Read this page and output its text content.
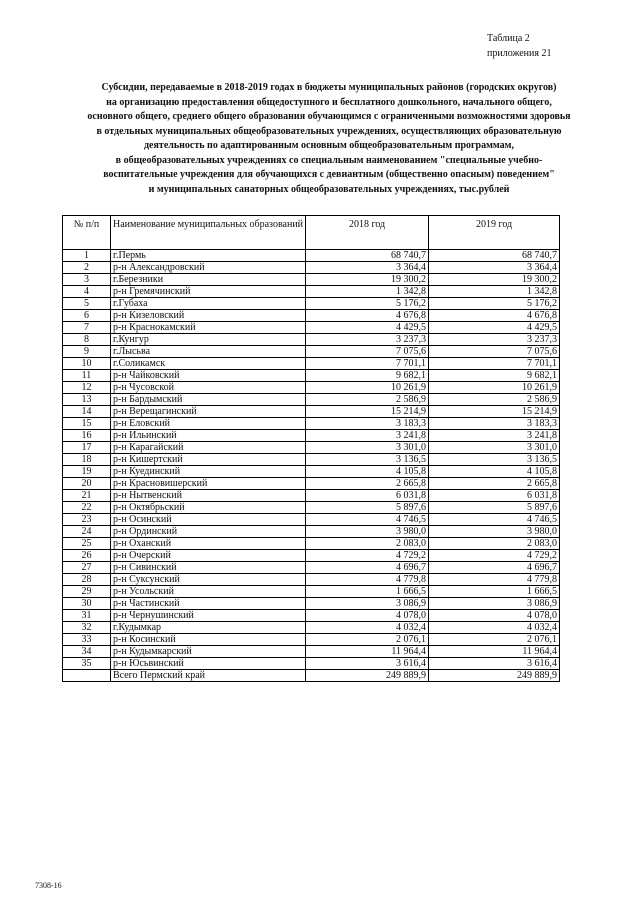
Таблица 2
приложения 21
Субсидии, передаваемые в 2018-2019 годах в бюджеты муниципальных районов (городских округов)
на организацию предоставления общедоступного и бесплатного дошкольного, начального общего,
основного общего, среднего общего образования обучающимся с ограниченными возможностями здоровья
в отдельных муниципальных общеобразовательных учреждениях, осуществляющих образовательную
деятельность по адаптированным основным общеобразовательным программам,
в общеобразовательных учреждениях со специальным наименованием "специальные учебно-
воспитательные учреждения для обучающихся с девиантным (общественно опасным) поведением"
и муниципальных санаторных общеобразовательных учреждениях, тыс.рублей
№ п/п	Наименование муниципальных образований	2018 год	2019 год
1	г.Пермь	68 740,7	68 740,7
2	р-н Александровский	3 364,4	3 364,4
3	г.Березники	19 300,2	19 300,2
4	р-н Гремячинский	1 342,8	1 342,8
5	г.Губаха	5 176,2	5 176,2
6	р-н Кизеловский	4 676,8	4 676,8
7	р-н Краснокамский	4 429,5	4 429,5
8	г.Кунгур	3 237,3	3 237,3
9	г.Лысьва	7 075,6	7 075,6
10	г.Соликамск	7 701,1	7 701,1
11	р-н Чайковский	9 682,1	9 682,1
12	р-н Чусовской	10 261,9	10 261,9
13	р-н Бардымский	2 586,9	2 586,9
14	р-н Верещагинский	15 214,9	15 214,9
15	р-н Еловский	3 183,3	3 183,3
16	р-н Ильинский	3 241,8	3 241,8
17	р-н Карагайский	3 301,0	3 301,0
18	р-н Кишертский	3 136,5	3 136,5
19	р-н Куединский	4 105,8	4 105,8
20	р-н Красновишерский	2 665,8	2 665,8
21	р-н Нытвенский	6 031,8	6 031,8
22	р-н Октябрьский	5 897,6	5 897,6
23	р-н Осинский	4 746,5	4 746,5
24	р-н Ординский	3 980,0	3 980,0
25	р-н Оханский	2 083,0	2 083,0
26	р-н Очерский	4 729,2	4 729,2
27	р-н Сивинский	4 696,7	4 696,7
28	р-н Суксунский	4 779,8	4 779,8
29	р-н Усольский	1 666,5	1 666,5
30	р-н Частинский	3 086,9	3 086,9
31	р-н Чернушинский	4 078,0	4 078,0
32	г.Кудымкар	4 032,4	4 032,4
33	р-н Косинский	2 076,1	2 076,1
34	р-н Кудымкарский	11 964,4	11 964,4
35	р-н Юсьвинский	3 616,4	3 616,4
	Всего Пермский край	249 889,9	249 889,9
7308-16
